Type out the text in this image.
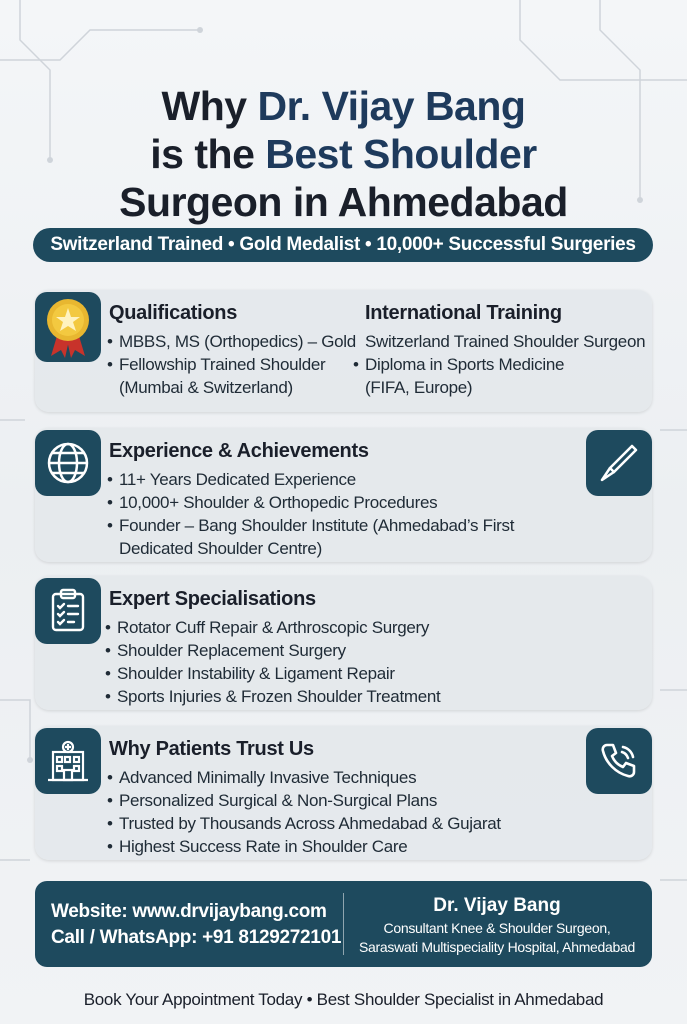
Why Dr. Vijay Bang
is the Best Shoulder
Surgeon in Ahmedabad
Switzerland Trained • Gold Medalist • 10,000+ Successful Surgeries
Qualifications
• MBBS, MS (Orthopedics) – Gold
• Fellowship Trained Shoulder
(Mumbai & Switzerland)
International Training
Switzerland Trained Shoulder Surgeon
• Diploma in Sports Medicine
(FIFA, Europe)
Experience & Achievements
• 11+ Years Dedicated Experience
• 10,000+ Shoulder & Orthopedic Procedures
• Founder – Bang Shoulder Institute (Ahmedabad’s First
Dedicated Shoulder Centre)
Expert Specialisations
• Rotator Cuff Repair & Arthroscopic Surgery
• Shoulder Replacement Surgery
• Shoulder Instability & Ligament Repair
• Sports Injuries & Frozen Shoulder Treatment
Why Patients Trust Us
• Advanced Minimally Invasive Techniques
• Personalized Surgical & Non-Surgical Plans
• Trusted by Thousands Across Ahmedabad & Gujarat
• Highest Success Rate in Shoulder Care
Website: www.drvijaybang.com
Call / WhatsApp: +91 8129272101
Dr. Vijay Bang
Consultant Knee & Shoulder Surgeon,
Saraswati Multispeciality Hospital, Ahmedabad
Book Your Appointment Today • Best Shoulder Specialist in Ahmedabad
